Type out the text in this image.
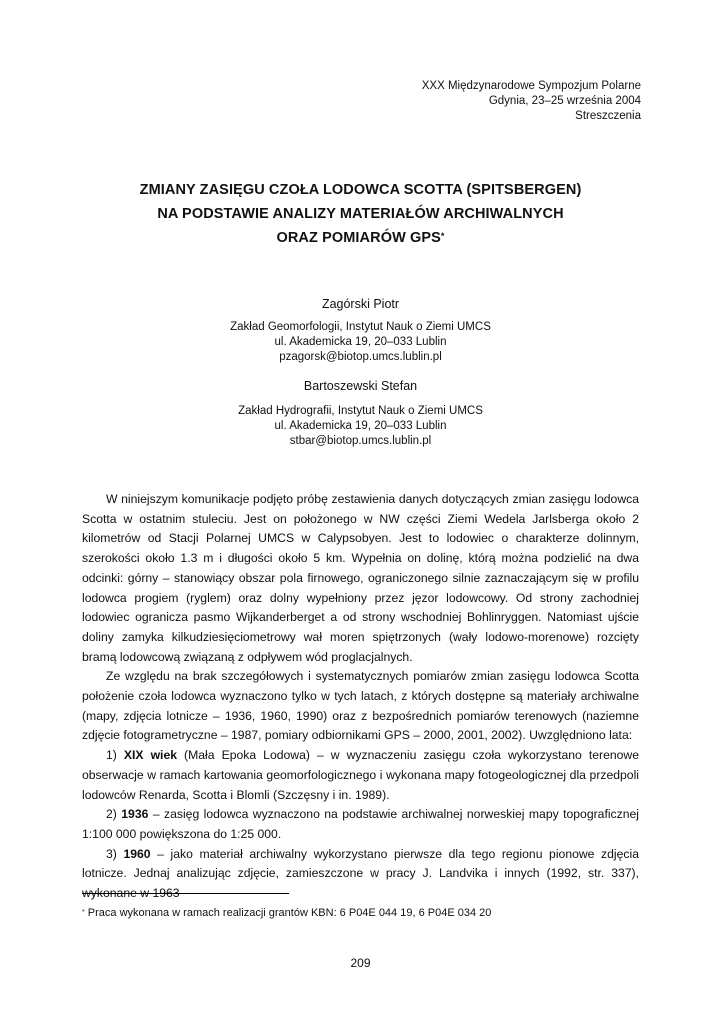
XXX Międzynarodowe Sympozjum Polarne
Gdynia, 23–25 września 2004
Streszczenia
ZMIANY ZASIĘGU CZOŁA LODOWCA SCOTTA (SPITSBERGEN)
NA PODSTAWIE ANALIZY MATERIAŁÓW ARCHIWALNYCH
ORAZ POMIARÓW GPS*
Zagórski Piotr
Zakład Geomorfologii, Instytut Nauk o Ziemi UMCS
ul. Akademicka 19, 20–033 Lublin
pzagorsk@biotop.umcs.lublin.pl
Bartoszewski Stefan
Zakład Hydrografii, Instytut Nauk o Ziemi UMCS
ul. Akademicka 19, 20–033 Lublin
stbar@biotop.umcs.lublin.pl

W niniejszym komunikacje podjęto próbę zestawienia danych dotyczących zmian zasięgu lodowca Scotta w ostatnim stuleciu. Jest on położonego w NW części Ziemi Wedela Jarlsberga około 2 kilometrów od Stacji Polarnej UMCS w Calypsobyen. Jest to lodowiec o charakterze dolinnym, szerokości około 1.3 m i długości około 5 km. Wypełnia on dolinę, którą można podzielić na dwa odcinki: górny – stanowiący obszar pola firnowego, ograniczonego silnie zaznaczającym się w profilu lodowca progiem (ryglem) oraz dolny wypełniony przez jęzor lodowcowy. Od strony zachodniej lodowiec ogranicza pasmo Wijkanderberget a od strony wschodniej Bohlinryggen. Natomiast ujście doliny zamyka kilkudziesięciometrowy wał moren spiętrzonych (wały lodowo-morenowe) rozcięty bramą lodowcową związaną z odpływem wód proglacjalnych.

Ze względu na brak szczegółowych i systematycznych pomiarów zmian zasięgu lodowca Scotta położenie czoła lodowca wyznaczono tylko w tych latach, z których dostępne są materiały archiwalne (mapy, zdjęcia lotnicze – 1936, 1960, 1990) oraz z bezpośrednich pomiarów terenowych (naziemne zdjęcie fotogrametryczne – 1987, pomiary odbiornikami GPS – 2000, 2001, 2002). Uwzględniono lata:

1) XIX wiek (Mała Epoka Lodowa) – w wyznaczeniu zasięgu czoła wykorzystano terenowe obserwacje w ramach kartowania geomorfologicznego i wykonana mapy fotogeologicznej dla przedpoli lodowców Renarda, Scotta i Blomli (Szczęsny i in. 1989).

2) 1936 – zasięg lodowca wyznaczono na podstawie archiwalnej norweskiej mapy topograficznej 1:100 000 powiększona do 1:25 000.

3) 1960 – jako materiał archiwalny wykorzystano pierwsze dla tego regionu pionowe zdjęcia lotnicze. Jednaj analizując zdjęcie, zamieszczone w pracy J. Landvika i innych (1992, str. 337), wykonane w 1963

* Praca wykonana w ramach realizacji grantów KBN: 6 P04E 044 19, 6 P04E 034 20
209
